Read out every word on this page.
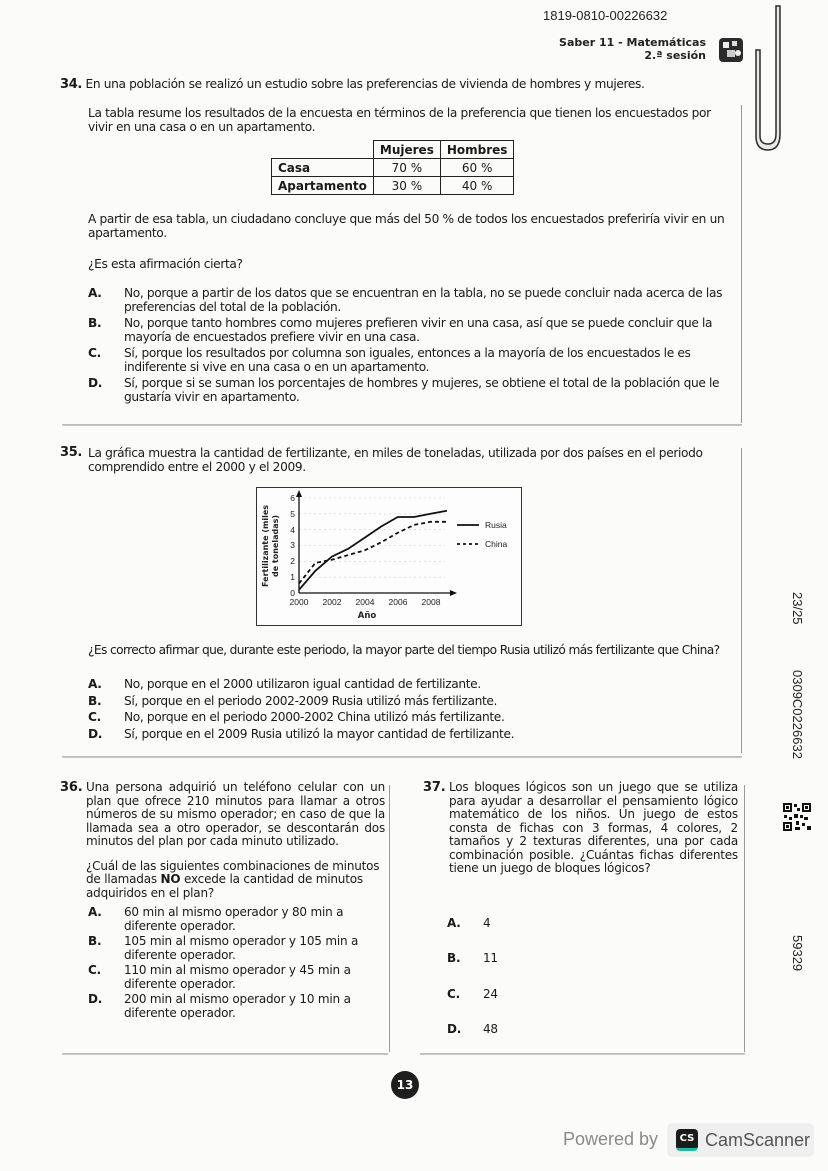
1819-0810-00226632
Saber 11 - Matemáticas
2.ª sesión
34. En una población se realizó un estudio sobre las preferencias de vivienda de hombres y mujeres.
La tabla resume los resultados de la encuesta en términos de la preferencia que tienen los encuestados por vivir en una casa o en un apartamento.
	Mujeres	Hombres
Casa	70 %	60 %
Apartamento	30 %	40 %
A partir de esa tabla, un ciudadano concluye que más del 50 % de todos los encuestados preferiría vivir en un apartamento.
¿Es esta afirmación cierta?
A. No, porque a partir de los datos que se encuentran en la tabla, no se puede concluir nada acerca de las preferencias del total de la población.
B. No, porque tanto hombres como mujeres prefieren vivir en una casa, así que se puede concluir que la mayoría de encuestados prefiere vivir en una casa.
C. Sí, porque los resultados por columna son iguales, entonces a la mayoría de los encuestados le es indiferente si vive en una casa o en un apartamento.
D. Sí, porque si se suman los porcentajes de hombres y mujeres, se obtiene el total de la población que le gustaría vivir en apartamento.
35. La gráfica muestra la cantidad de fertilizante, en miles de toneladas, utilizada por dos países en el periodo comprendido entre el 2000 y el 2009.
0
1
2
3
4
5
6
2000 2002 2004 2006 2008
Año
Fertilizante (miles de toneladas)	Rusia
China
¿Es correcto afirmar que, durante este periodo, la mayor parte del tiempo Rusia utilizó más fertilizante que China?
A. No, porque en el 2000 utilizaron igual cantidad de fertilizante.
B. Sí, porque en el periodo 2002-2009 Rusia utilizó más fertilizante.
C. No, porque en el periodo 2000-2002 China utilizó más fertilizante.
D. Sí, porque en el 2009 Rusia utilizó la mayor cantidad de fertilizante.
36. Una persona adquirió un teléfono celular con un plan que ofrece 210 minutos para llamar a otros números de su mismo operador; en caso de que la llamada sea a otro operador, se descontarán dos minutos del plan por cada minuto utilizado.
¿Cuál de las siguientes combinaciones de minutos de llamadas NO excede la cantidad de minutos adquiridos en el plan?
A. 60 min al mismo operador y 80 min a diferente operador.
B. 105 min al mismo operador y 105 min a diferente operador.
C. 110 min al mismo operador y 45 min a diferente operador.
D. 200 min al mismo operador y 10 min a diferente operador.
37. Los bloques lógicos son un juego que se utiliza para ayudar a desarrollar el pensamiento lógico matemático de los niños. Un juego de estos consta de fichas con 3 formas, 4 colores, 2 tamaños y 2 texturas diferentes, una por cada combinación posible. ¿Cuántas fichas diferentes tiene un juego de bloques lógicos?
A. 4
B. 11
C. 24
D. 48
23/25
0309C0226632
59329
13
Powered by	CS CamScanner
